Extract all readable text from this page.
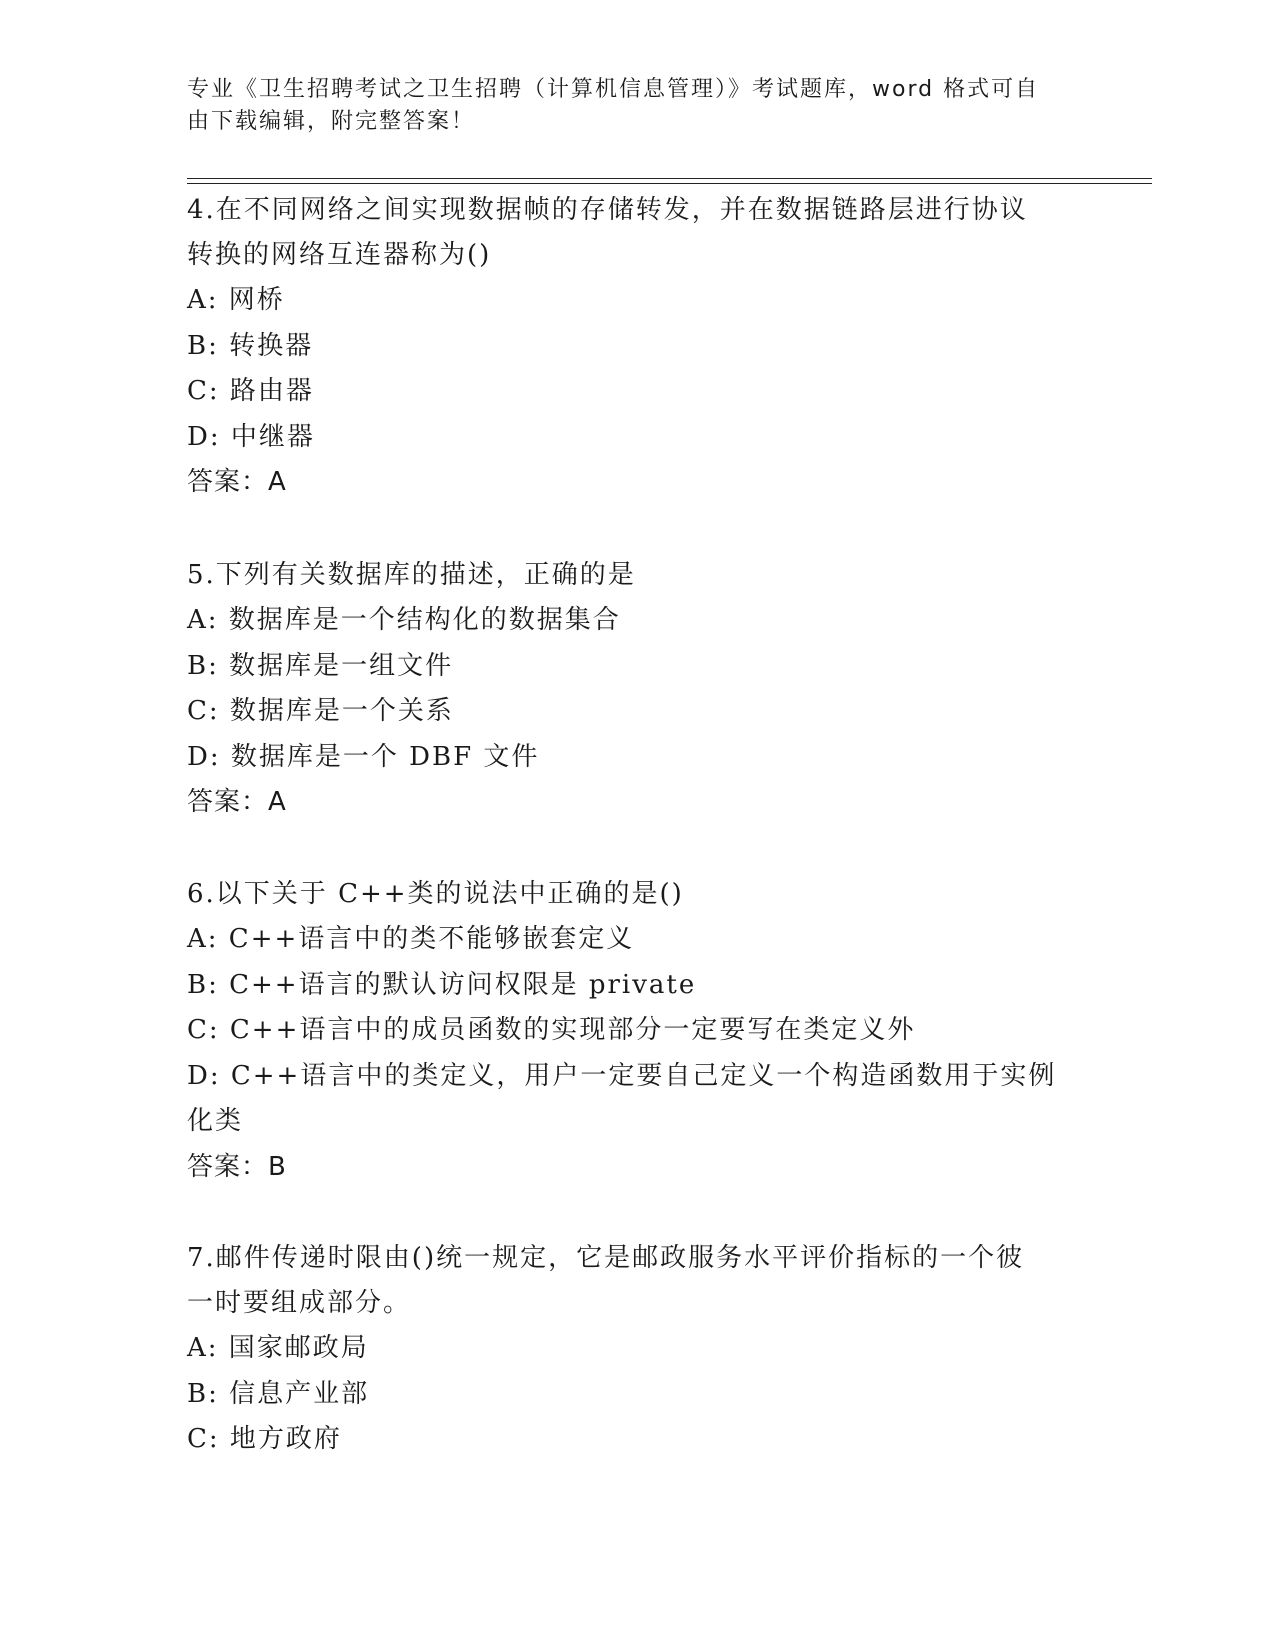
专业《卫生招聘考试之卫生招聘（计算机信息管理）》考试题库，word 格式可自
由下载编辑，附完整答案！
4.在不同网络之间实现数据帧的存储转发，并在数据链路层进行协议
转换的网络互连器称为()
A: 网桥
B: 转换器
C: 路由器
D: 中继器
答案：A
5.下列有关数据库的描述，正确的是
A: 数据库是一个结构化的数据集合
B: 数据库是一组文件
C: 数据库是一个关系
D: 数据库是一个 DBF 文件
答案：A
6.以下关于 C++类的说法中正确的是()
A: C++语言中的类不能够嵌套定义
B: C++语言的默认访问权限是 private
C: C++语言中的成员函数的实现部分一定要写在类定义外
D: C++语言中的类定义，用户一定要自己定义一个构造函数用于实例
化类
答案：B
7.邮件传递时限由()统一规定，它是邮政服务水平评价指标的一个彼
一时要组成部分。
A: 国家邮政局
B: 信息产业部
C: 地方政府
